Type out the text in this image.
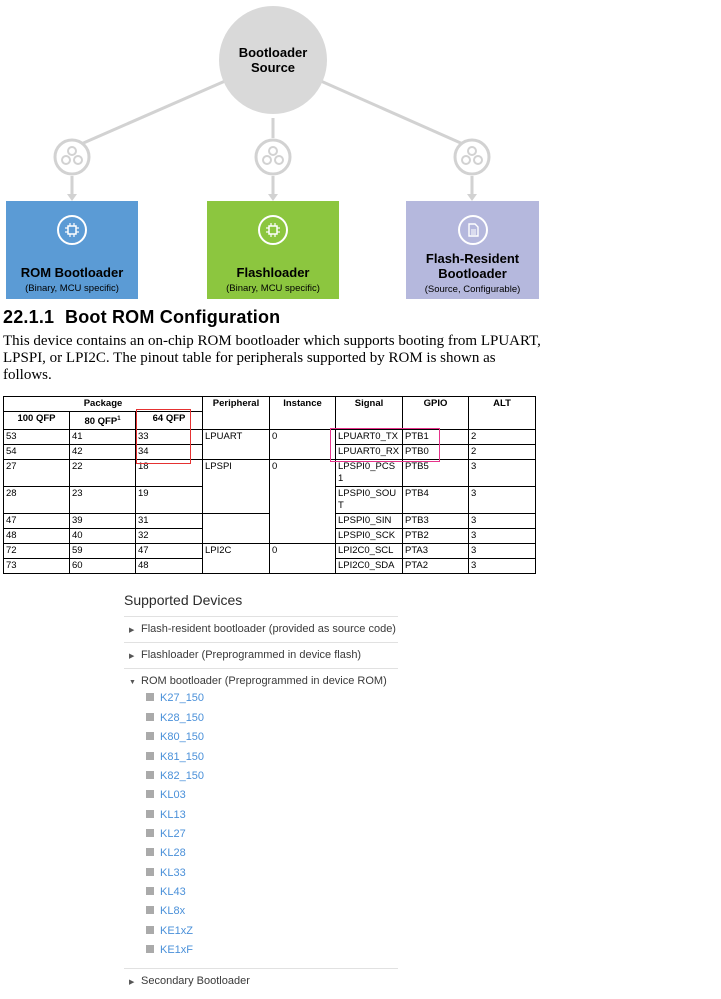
Bootloader Source
ROM Bootloader
(Binary, MCU specific)
Flashloader
(Binary, MCU specific)
Flash-Resident Bootloader
(Source, Configurable)
22.1.1 Boot ROM Configuration
This device contains an on-chip ROM bootloader which supports booting from LPUART, LPSPI, or LPI2C. The pinout table for peripherals supported by ROM is shown as follows.
Package			Peripheral	Instance	Signal	GPIO	ALT
100 QFP	80 QFP$^1$	64 QFP					
53	41	33	LPUART	0	LPUART0_TX	PTB1	2
54	42	34			LPUART0_RX	PTB0	2
27	22	18	LPSPI	0	LPSPI0_PCS 1	PTB5	3
28	23	19			LPSPI0_SOU T	PTB4	3
47	39	31			LPSPI0_SIN	PTB3	3
48	40	32			LPSPI0_SCK	PTB2	3
72	59	47	LPI2C	0	LPI2C0_SCL	PTA3	3
73	60	48			LPI2C0_SDA	PTA2	3
Supported Devices
▶ Flash-resident bootloader (provided as source code)
▶ Flashloader (Preprogrammed in device flash)
▼ ROM bootloader (Preprogrammed in device ROM)
K27_150
K28_150
K80_150
K81_150
K82_150
KL03
KL13
KL27
KL28
KL33
KL43
KL8x
KE1xZ
KE1xF
▶ Secondary Bootloader
